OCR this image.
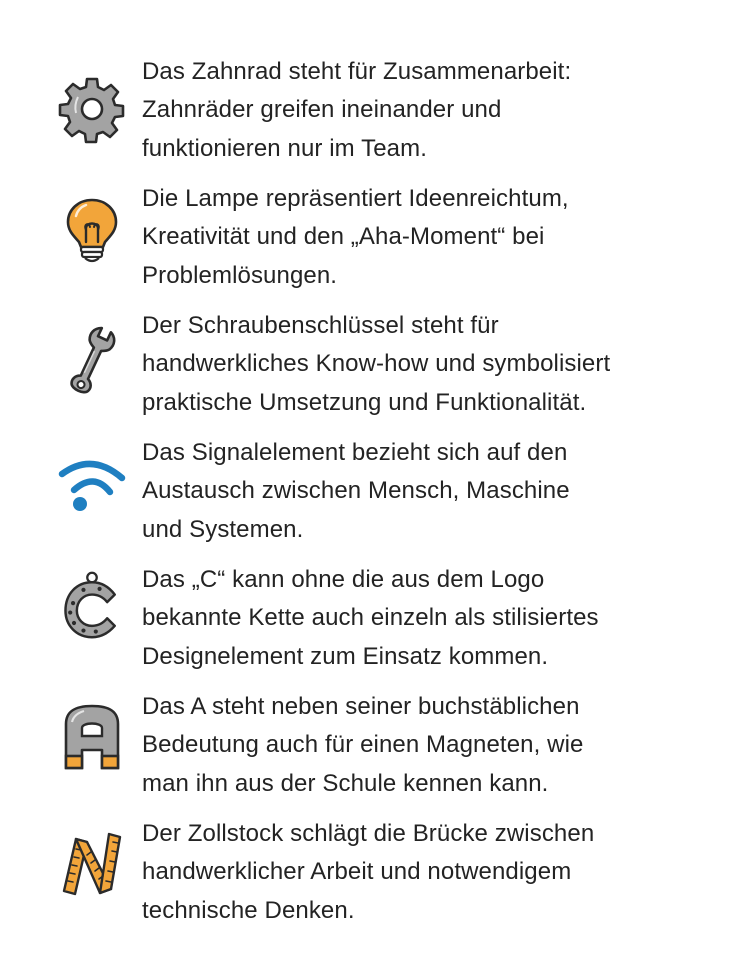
Das Zahnrad steht für Zusammenarbeit:
Zahnräder greifen ineinander und
funktionieren nur im Team.

Die Lampe repräsentiert Ideenreichtum,
Kreativität und den „Aha-Moment“ bei
Problemlösungen.

Der Schraubenschlüssel steht für
handwerkliches Know-how und symbolisiert
praktische Umsetzung und Funktionalität.

Das Signalelement bezieht sich auf den
Austausch zwischen Mensch, Maschine
und Systemen.

Das „C“ kann ohne die aus dem Logo
bekannte Kette auch einzeln als stilisiertes
Designelement zum Einsatz kommen.

Das A steht neben seiner buchstäblichen
Bedeutung auch für einen Magneten, wie
man ihn aus der Schule kennen kann.

Der Zollstock schlägt die Brücke zwischen
handwerklicher Arbeit und notwendigem
technische Denken.
